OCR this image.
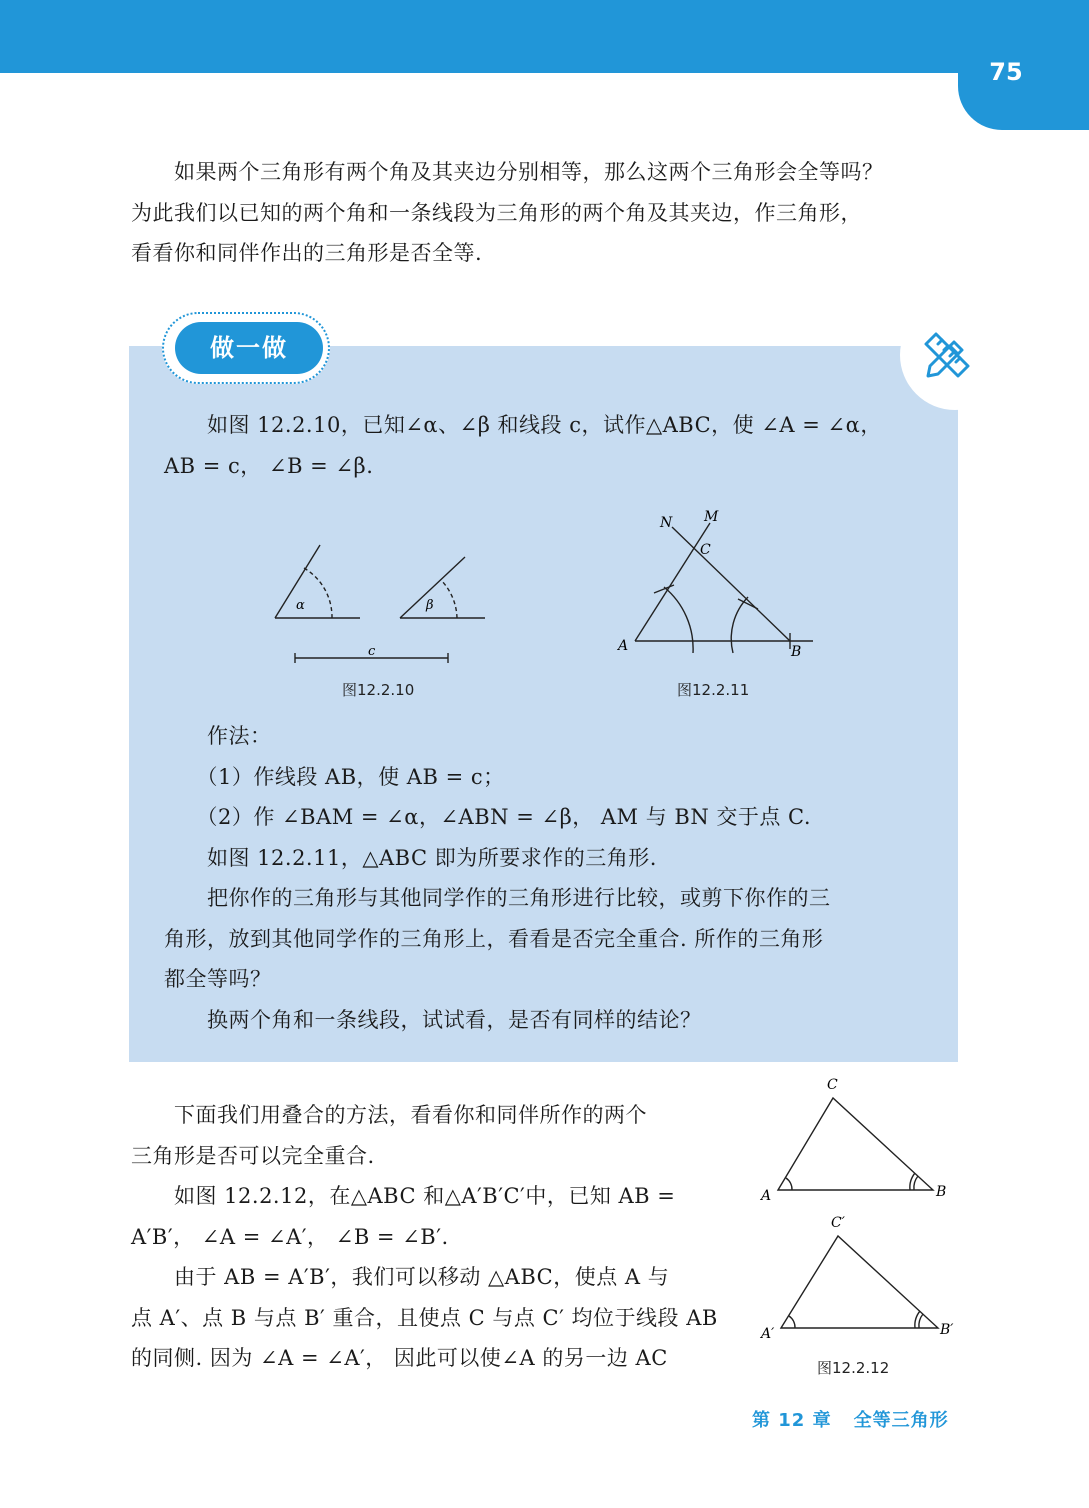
75
　　如果两个三角形有两个角及其夹边分别相等，那么这两个三角形会全等吗？
为此我们以已知的两个角和一条线段为三角形的两个角及其夹边，作三角形，
看看你和同伴作出的三角形是否全等.
做一做
　　如图 12.2.10，已知∠α、∠β 和线段 c，试作△ABC，使 ∠A = ∠α，
AB = c， ∠B = ∠β.
α	β
c
图12.2.10
N M
C
A	B
图12.2.11
　　作法：
　　（1）作线段 AB，使 AB = c；
　　（2）作 ∠BAM = ∠α，∠ABN = ∠β， AM 与 BN 交于点 C.
　　如图 12.2.11，△ABC 即为所要求作的三角形.
　　把你作的三角形与其他同学作的三角形进行比较，或剪下你作的三
角形，放到其他同学作的三角形上，看看是否完全重合. 所作的三角形
都全等吗？
　　换两个角和一条线段，试试看，是否有同样的结论？
　　下面我们用叠合的方法，看看你和同伴所作的两个
三角形是否可以完全重合.
　　如图 12.2.12，在△ABC 和△A′B′C′中，已知 AB =
A′B′， ∠A = ∠A′， ∠B = ∠B′.
　　由于 AB = A′B′，我们可以移动 △ABC，使点 A 与
点 A′、点 B 与点 B′ 重合，且使点 C 与点 C′ 均位于线段 AB
的同侧. 因为 ∠A = ∠A′， 因此可以使∠A 的另一边 AC
C
A	B
C′
A′	B′
图12.2.12
第 12 章 全等三角形
